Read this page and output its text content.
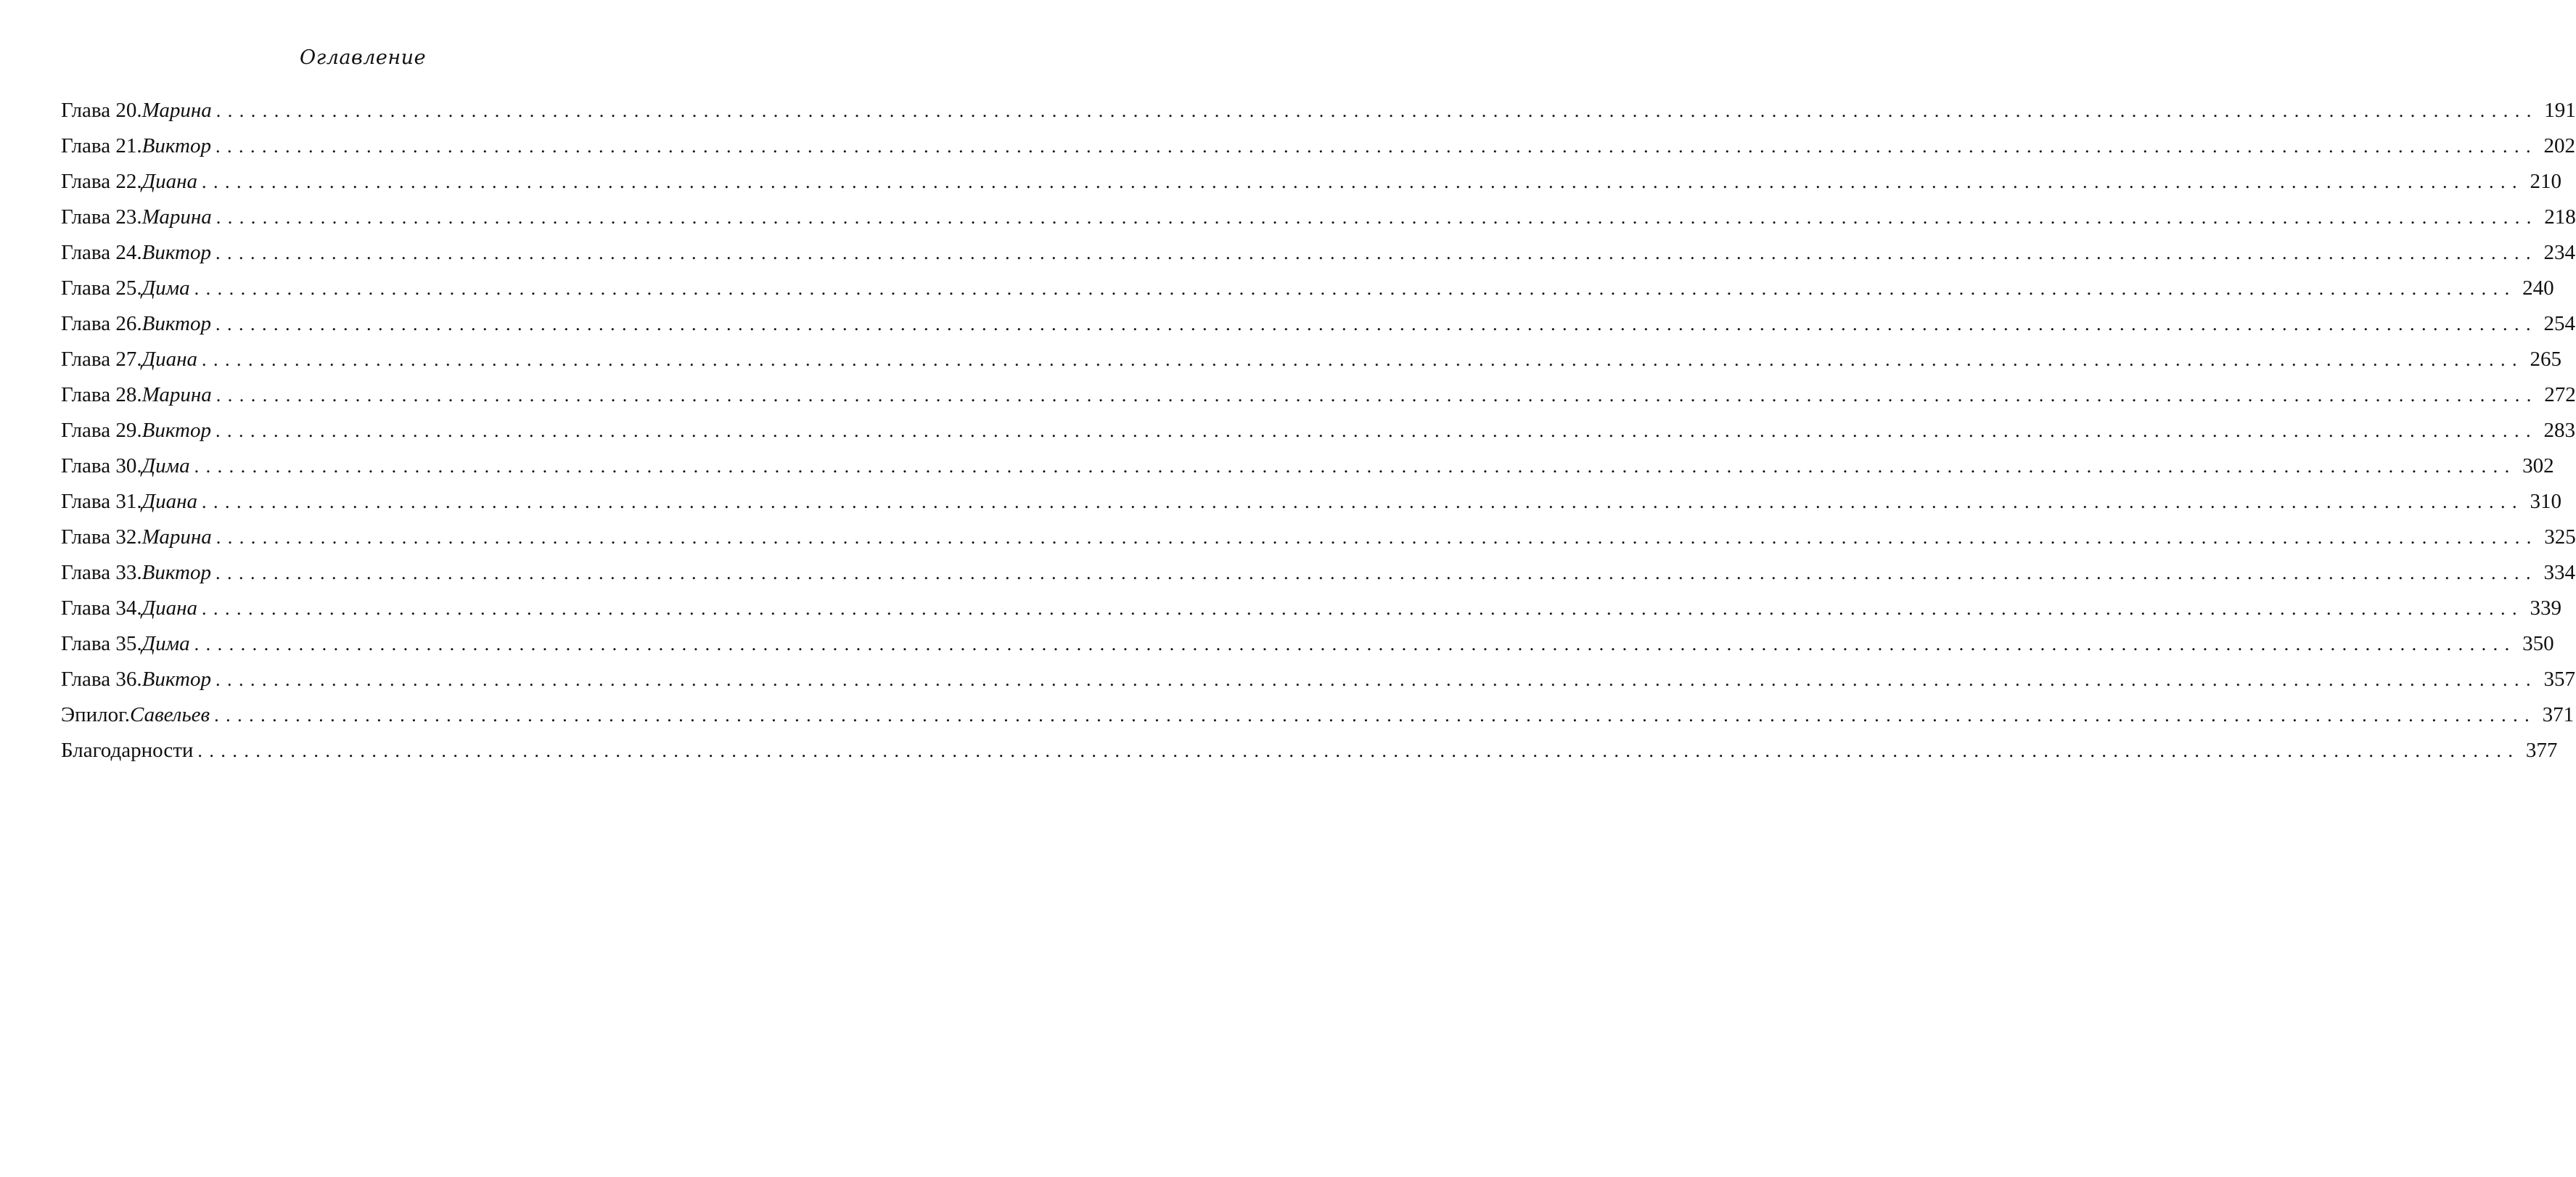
Оглавление
Глава 20. Марина ........................................................................................................................................................................................................ 191
Глава 21. Виктор ........................................................................................................................................................................................................ 202
Глава 22. Диана ........................................................................................................................................................................................................ 210
Глава 23. Марина ........................................................................................................................................................................................................ 218
Глава 24. Виктор ........................................................................................................................................................................................................ 234
Глава 25. Дима ........................................................................................................................................................................................................ 240
Глава 26. Виктор ........................................................................................................................................................................................................ 254
Глава 27. Диана ........................................................................................................................................................................................................ 265
Глава 28. Марина ........................................................................................................................................................................................................ 272
Глава 29. Виктор ........................................................................................................................................................................................................ 283
Глава 30. Дима ........................................................................................................................................................................................................ 302
Глава 31. Диана ........................................................................................................................................................................................................ 310
Глава 32. Марина ........................................................................................................................................................................................................ 325
Глава 33. Виктор ........................................................................................................................................................................................................ 334
Глава 34. Диана ........................................................................................................................................................................................................ 339
Глава 35. Дима ........................................................................................................................................................................................................ 350
Глава 36. Виктор ........................................................................................................................................................................................................ 357
Эпилог. Савельев ........................................................................................................................................................................................................ 371
Благодарности ........................................................................................................................................................................................................ 377
